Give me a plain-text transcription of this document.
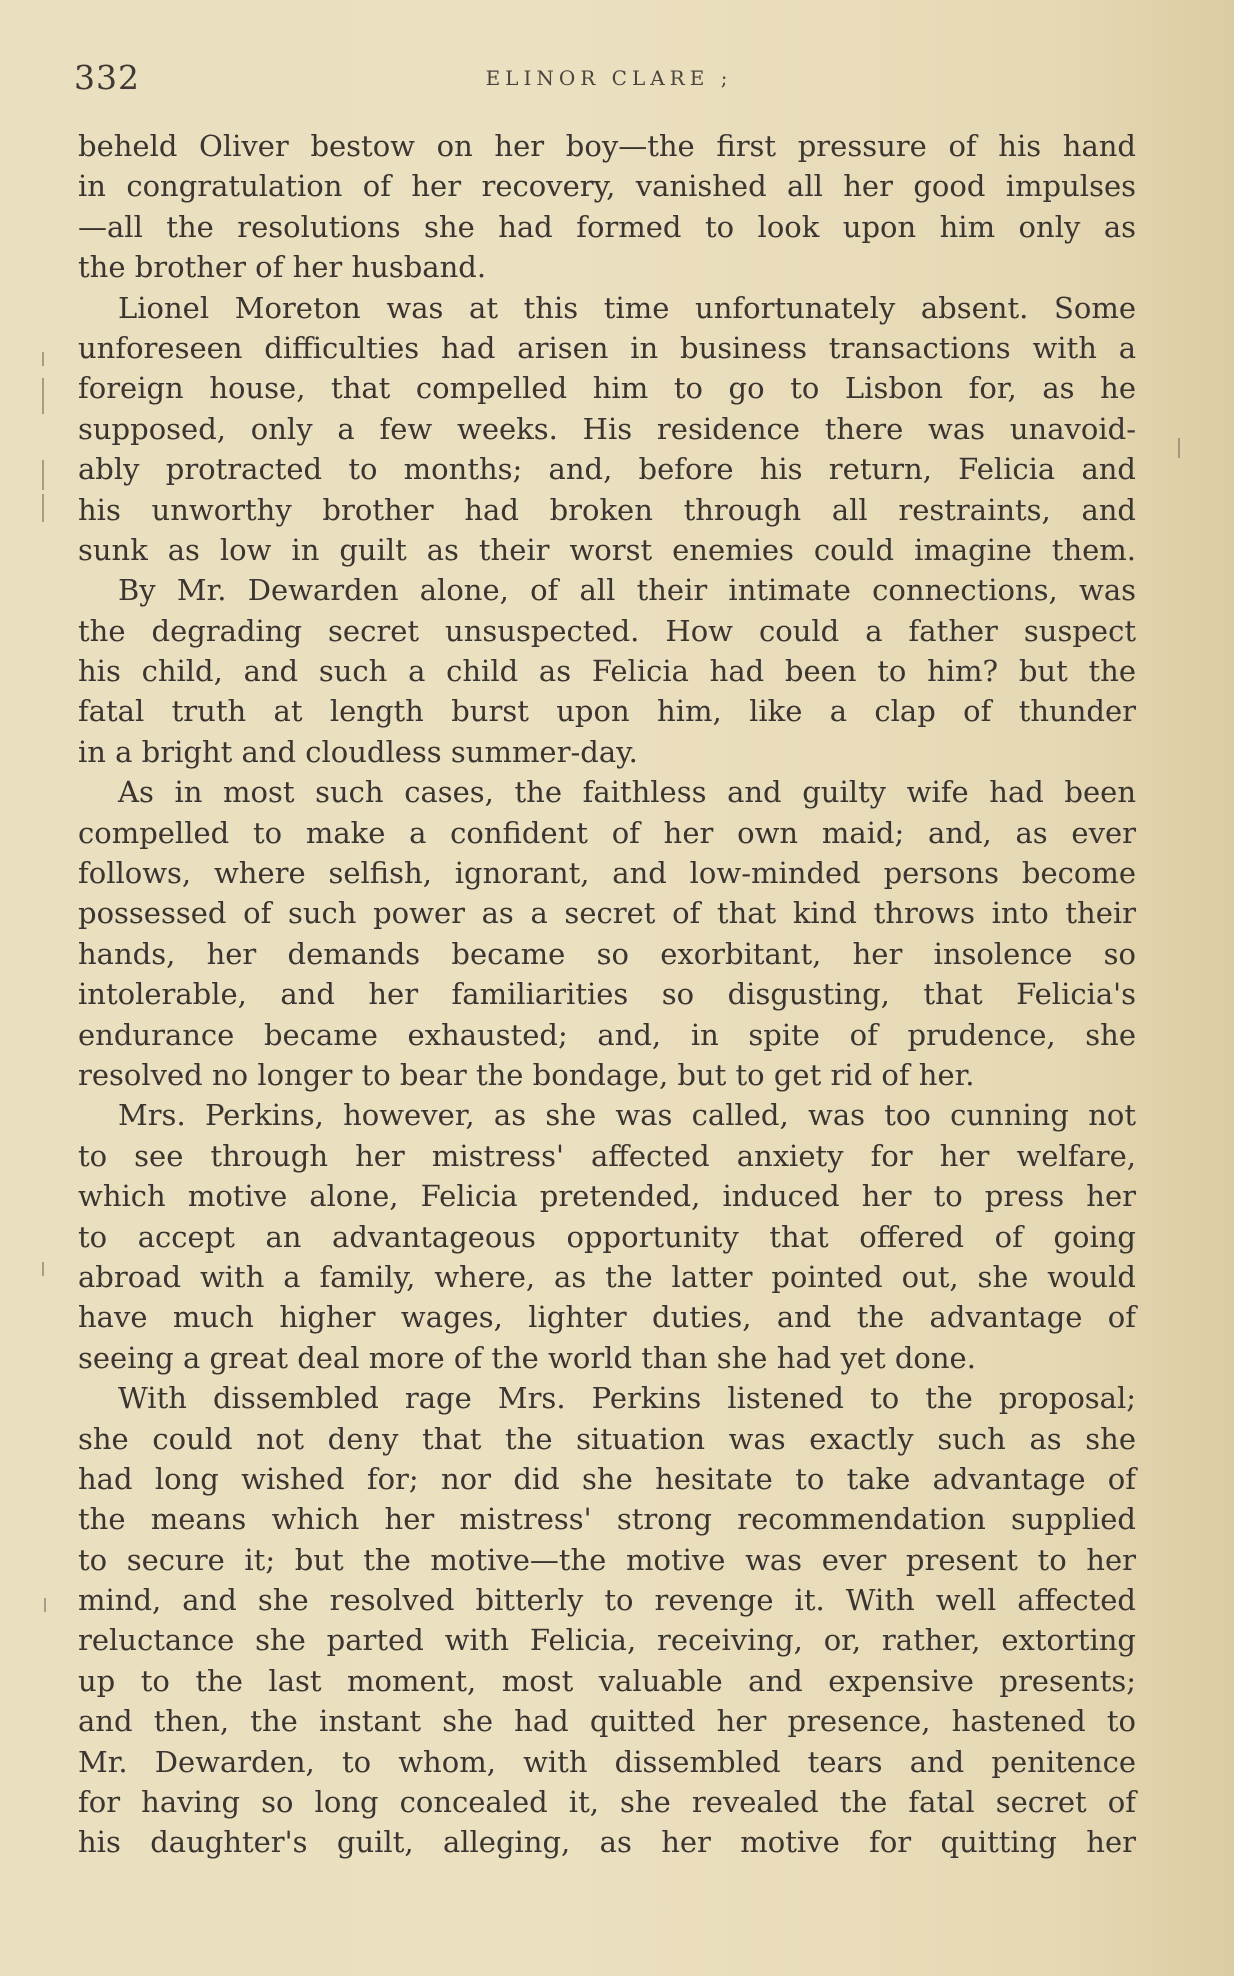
332	ELINOR CLARE ;
beheld Oliver bestow on her boy—the first pressure of his hand
in congratulation of her recovery, vanished all her good impulses
—all the resolutions she had formed to look upon him only as
the brother of her husband.
Lionel Moreton was at this time unfortunately absent. Some
unforeseen difficulties had arisen in business transactions with a
foreign house, that compelled him to go to Lisbon for, as he
supposed, only a few weeks. His residence there was unavoid-
ably protracted to months; and, before his return, Felicia and
his unworthy brother had broken through all restraints, and
sunk as low in guilt as their worst enemies could imagine them.
By Mr. Dewarden alone, of all their intimate connections, was
the degrading secret unsuspected. How could a father suspect
his child, and such a child as Felicia had been to him? but the
fatal truth at length burst upon him, like a clap of thunder
in a bright and cloudless summer-day.
As in most such cases, the faithless and guilty wife had been
compelled to make a confident of her own maid; and, as ever
follows, where selfish, ignorant, and low-minded persons become
possessed of such power as a secret of that kind throws into their
hands, her demands became so exorbitant, her insolence so
intolerable, and her familiarities so disgusting, that Felicia's
endurance became exhausted; and, in spite of prudence, she
resolved no longer to bear the bondage, but to get rid of her.
Mrs. Perkins, however, as she was called, was too cunning not
to see through her mistress' affected anxiety for her welfare,
which motive alone, Felicia pretended, induced her to press her
to accept an advantageous opportunity that offered of going
abroad with a family, where, as the latter pointed out, she would
have much higher wages, lighter duties, and the advantage of
seeing a great deal more of the world than she had yet done.
With dissembled rage Mrs. Perkins listened to the proposal;
she could not deny that the situation was exactly such as she
had long wished for; nor did she hesitate to take advantage of
the means which her mistress' strong recommendation supplied
to secure it; but the motive—the motive was ever present to her
mind, and she resolved bitterly to revenge it. With well affected
reluctance she parted with Felicia, receiving, or, rather, extorting
up to the last moment, most valuable and expensive presents;
and then, the instant she had quitted her presence, hastened to
Mr. Dewarden, to whom, with dissembled tears and penitence
for having so long concealed it, she revealed the fatal secret of
his daughter's guilt, alleging, as her motive for quitting her
